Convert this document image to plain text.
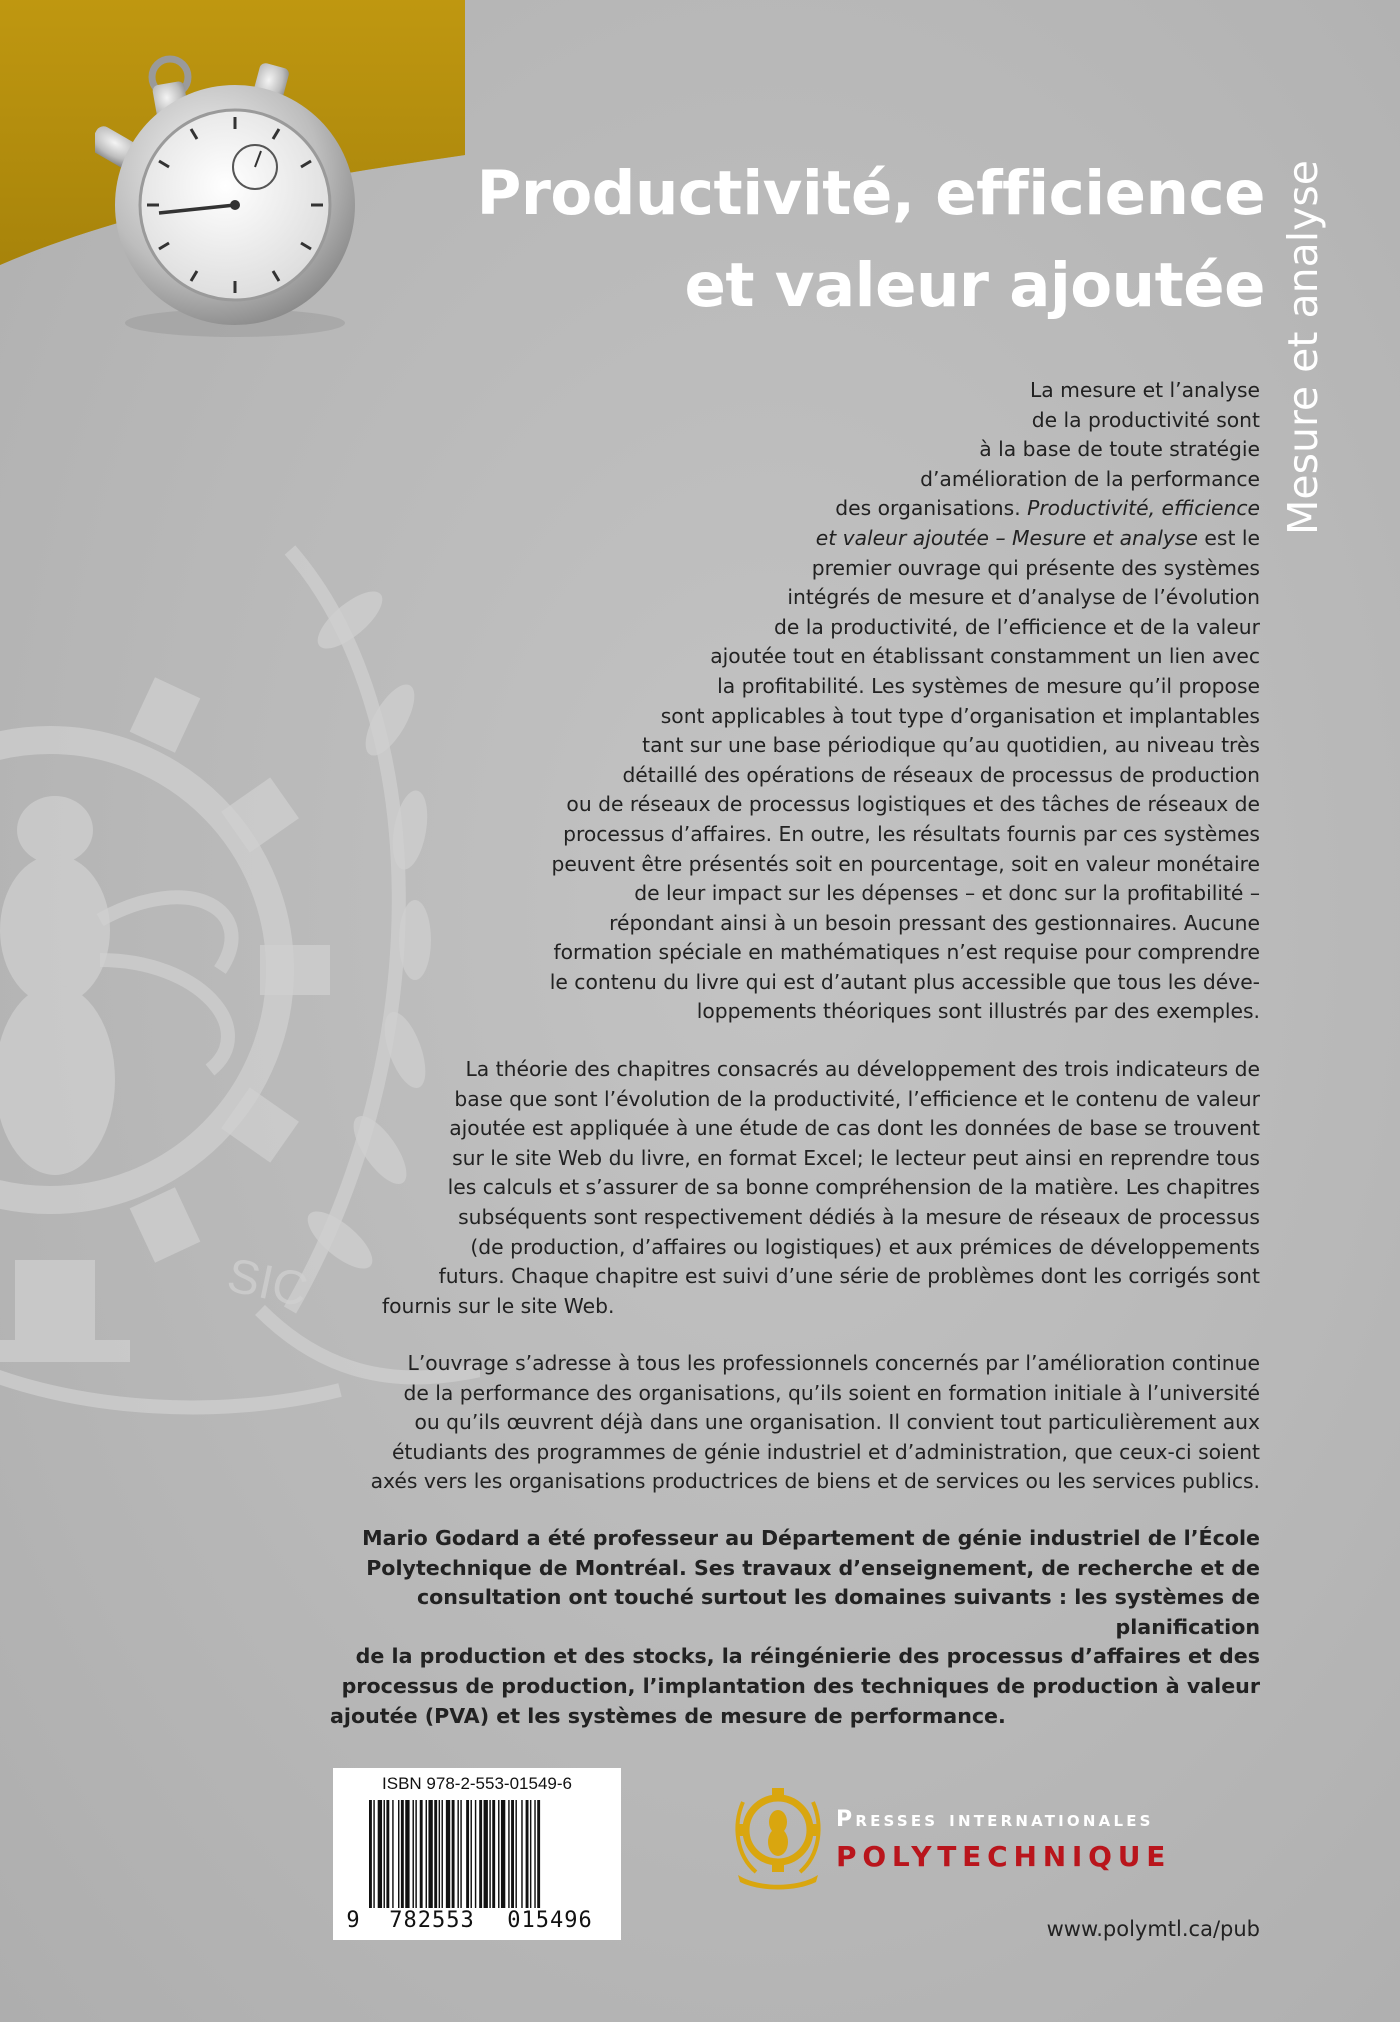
SIC
Productivité, efficience
et valeur ajoutée Mesure et analyse

La mesure et l’analyse

de la productivité sont

à la base de toute stratégie

d’amélioration de la performance

des organisations. Productivité, efficience

et valeur ajoutée – Mesure et analyse est le

premier ouvrage qui présente des systèmes

intégrés de mesure et d’analyse de l’évolution

de la productivité, de l’efficience et de la valeur

ajoutée tout en établissant constamment un lien avec

la profitabilité. Les systèmes de mesure qu’il propose

sont applicables à tout type d’organisation et implantables

tant sur une base périodique qu’au quotidien, au niveau très

détaillé des opérations de réseaux de processus de production

ou de réseaux de processus logistiques et des tâches de réseaux de

processus d’affaires. En outre, les résultats fournis par ces systèmes

peuvent être présentés soit en pourcentage, soit en valeur monétaire

de leur impact sur les dépenses – et donc sur la profitabilité –

répondant ainsi à un besoin pressant des gestionnaires. Aucune

formation spéciale en mathématiques n’est requise pour comprendre

le contenu du livre qui est d’autant plus accessible que tous les déve-

loppements théoriques sont illustrés par des exemples.

La théorie des chapitres consacrés au développement des trois indicateurs de

base que sont l’évolution de la productivité, l’efficience et le contenu de valeur

ajoutée est appliquée à une étude de cas dont les données de base se trouvent

sur le site Web du livre, en format Excel; le lecteur peut ainsi en reprendre tous

les calculs et s’assurer de sa bonne compréhension de la matière. Les chapitres

subséquents sont respectivement dédiés à la mesure de réseaux de processus

(de production, d’affaires ou logistiques) et aux prémices de développements

futurs. Chaque chapitre est suivi d’une série de problèmes dont les corrigés sont

fournis sur le site Web.

L’ouvrage s’adresse à tous les professionnels concernés par l’amélioration continue

de la performance des organisations, qu’ils soient en formation initiale à l’université

ou qu’ils œuvrent déjà dans une organisation. Il convient tout particulièrement aux

étudiants des programmes de génie industriel et d’administration, que ceux-ci soient

axés vers les organisations productrices de biens et de services ou les services publics.

Mario Godard a été professeur au Département de génie industriel de l’École

Polytechnique de Montréal. Ses travaux d’enseignement, de recherche et de

consultation ont touché surtout les domaines suivants : les systèmes de planification

de la production et des stocks, la réingénierie des processus d’affaires et des

processus de production, l’implantation des techniques de production à valeur

ajoutée (PVA) et les systèmes de mesure de performance.

ISBN 978-2-553-01549-6
9	782553	015496
Presses internationales
POLYTECHNIQUE
www.polymtl.ca/pub
